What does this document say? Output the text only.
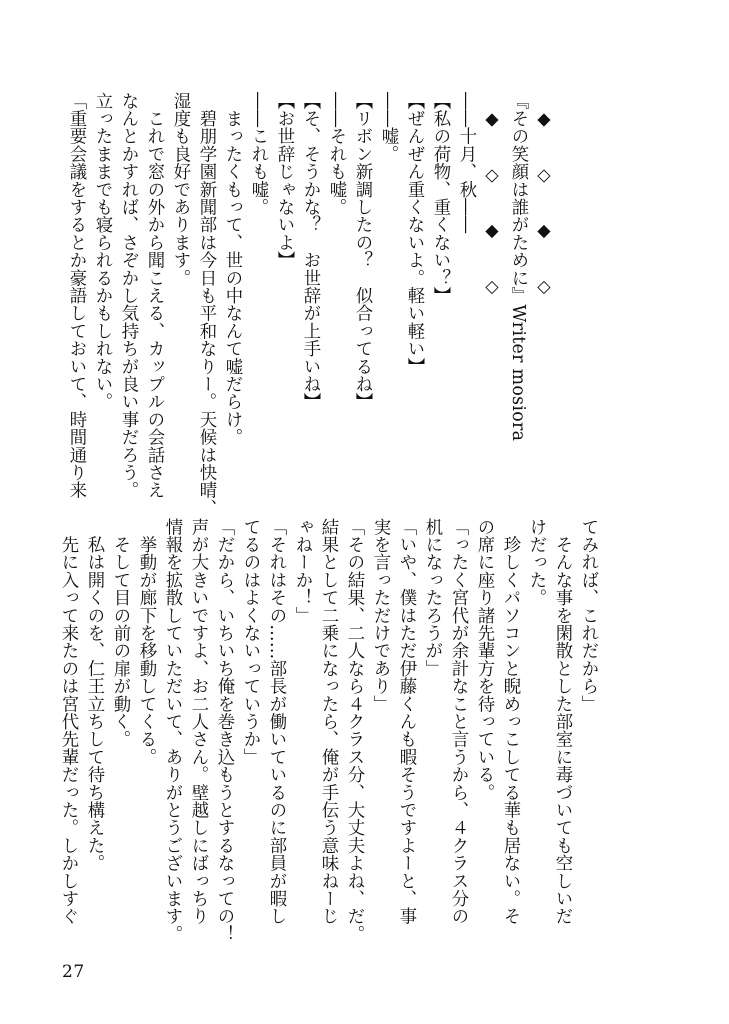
　◆　　◇　　◆　　◇
『その笑顔は誰がために』Writer mosiora
　◆　　◇　　◆　　◇
――十月、秋――
【私の荷物、重くない？】
【ぜんぜん重くないよ。軽い軽い】
――嘘。
【リボン新調したの？　似合ってるね】
――それも嘘。
【そ、そうかな？　お世辞が上手いね】
【お世辞じゃないよ】
――これも嘘。
　まったくもって、世の中なんて嘘だらけ。
　碧朋学園新聞部は今日も平和なりー。天候は快晴、
湿度も良好であります。
　これで窓の外から聞こえる、カップルの会話さえ
なんとかすれば、さぞかし気持ちが良い事だろう。
立ったままでも寝られるかもしれない。
「重要会議をするとか豪語しておいて、時間通り来
てみれば、これだから」
　そんな事を閑散とした部室に毒づいても空しいだ
けだった。
　珍しくパソコンと睨めっこしてる華も居ない。そ
の席に座り諸先輩方を待っている。
「ったく宮代が余計なこと言うから、４クラス分の
机になったろうが」
「いや、僕はただ伊藤くんも暇そうですよーと、事
実を言っただけであり」
「その結果、二人なら４クラス分、大丈夫よね、だ。
結果として二乗になったら、俺が手伝う意味ねーじ
ゃねーか！」
「それはその……部長が働いているのに部員が暇し
てるのはよくないっていうか」
「だから、いちいち俺を巻き込もうとするなっての！
声が大きいですよ、お二人さん。壁越しにばっちり
情報を拡散していただいて、ありがとうございます。
　挙動が廊下を移動してくる。
　そして目の前の扉が動く。
　私は開くのを、仁王立ちして待ち構えた。
　先に入って来たのは宮代先輩だった。しかしすぐ
27
